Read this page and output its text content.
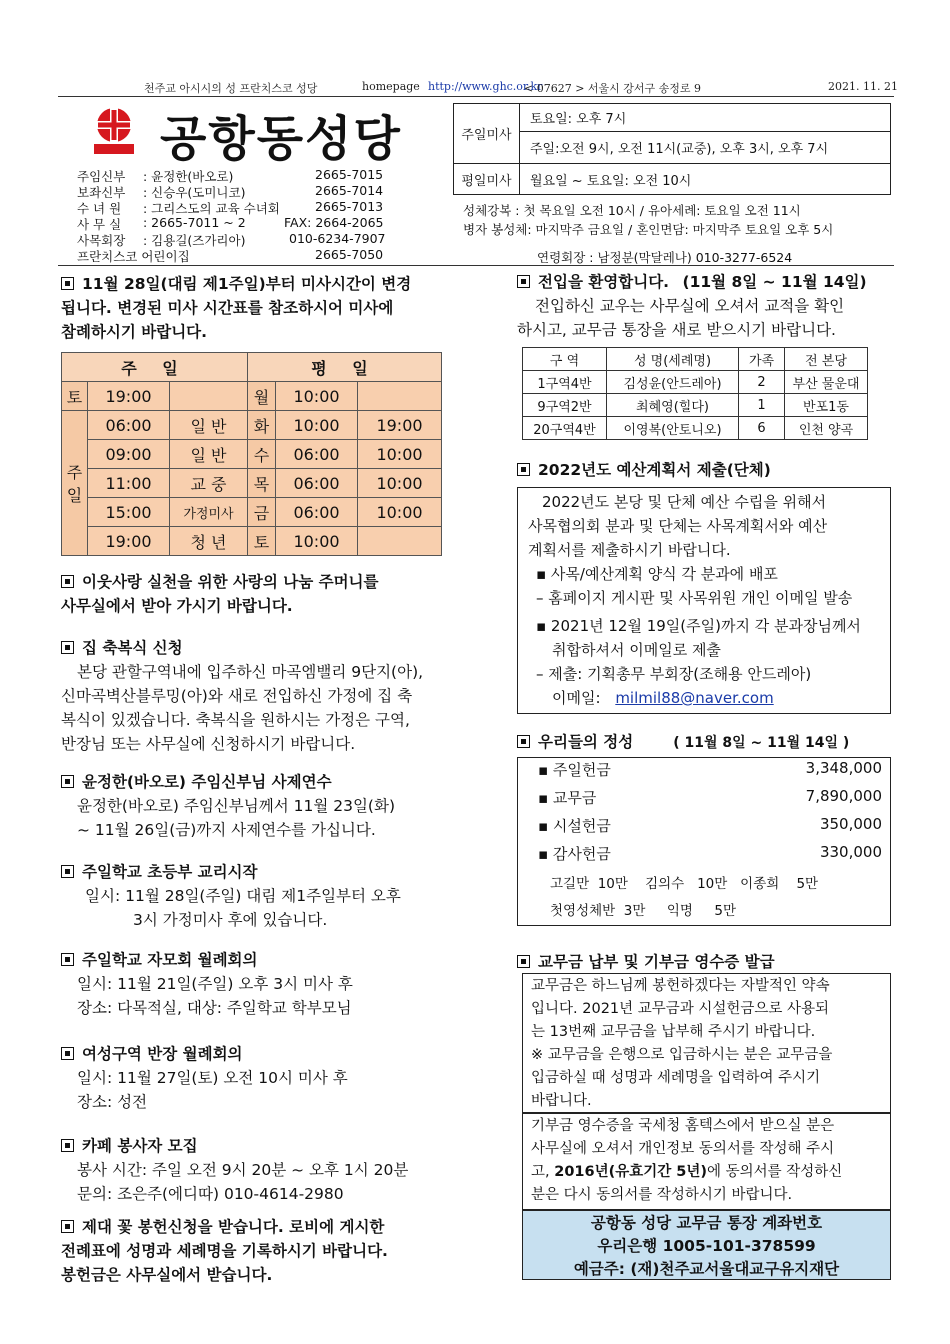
천주교 아시시의 성 프란치스코 성당	homepage http://www.ghc.or.kr
< 07627 > 서울시 강서구 송정로 9	2021. 11. 21
공항동성당
주임신부 : 윤정한(바오로)	2665-7015
보좌신부 : 신승우(도미니코)	2665-7014
수 녀 원 : 그리스도의 교육 수녀회	2665-7013
사 무 실 : 2665-7011 ~ 2	FAX: 2664-2065
사목회장 : 김용길(즈가리아)	010-6234-7907
프란치스코 어린이집	2665-7050
주일미사
토요일: 오후 7시
주일:오전 9시, 오전 11시(교중), 오후 3시, 오후 7시
평일미사	월요일 ~ 토요일: 오전 10시
성체강복 : 첫 목요일 오전 10시 / 유아세례: 토요일 오전 11시
병자 봉성체: 마지막주 금요일 / 혼인면담: 마지막주 토요일 오후 5시
연령회장 : 남정분(막달레나) 010-3277-6524
11월 28일(대림 제1주일)부터 미사시간이 변경

됩니다. 변경된 미사 시간표를 참조하시어 미사에

참례하시기 바랍니다.

주 일			평 일		
토	19:00		월	10:00	
주일	06:00	일 반	화	10:00	19:00
	09:00	일 반	수	06:00	10:00
	11:00	교 중	목	06:00	10:00
	15:00	가정미사	금	06:00	10:00
	19:00	청 년	토	10:00	
이웃사랑 실천을 위한 사랑의 나눔 주머니를

사무실에서 받아 가시기 바랍니다.

집 축복식 신청

본당 관할구역내에 입주하신 마곡엠밸리 9단지(아),

신마곡벽산블루밍(아)와 새로 전입하신 가정에 집 축

복식이 있겠습니다. 축복식을 원하시는 가정은 구역,

반장님 또는 사무실에 신청하시기 바랍니다.

윤정한(바오로) 주임신부님 사제연수

윤정한(바오로) 주임신부님께서 11월 23일(화)

~ 11월 26일(금)까지 사제연수를 가십니다.

주일학교 초등부 교리시작

일시: 11월 28일(주일) 대림 제1주일부터 오후

3시 가정미사 후에 있습니다.

주일학교 자모회 월례회의

일시: 11월 21일(주일) 오후 3시 미사 후

장소: 다목적실, 대상: 주일학교 학부모님

여성구역 반장 월례회의

일시: 11월 27일(토) 오전 10시 미사 후

장소: 성전

카페 봉사자 모집

봉사 시간: 주일 오전 9시 20분 ~ 오후 1시 20분

문의: 조은주(에디따) 010-4614-2980

제대 꽃 봉헌신청을 받습니다. 로비에 게시한

전례표에 성명과 세례명을 기록하시기 바랍니다.

봉헌금은 사무실에서 받습니다.

전입을 환영합니다. (11월 8일 ~ 11월 14일)

전입하신 교우는 사무실에 오셔서 교적을 확인

하시고, 교무금 통장을 새로 받으시기 바랍니다.

구 역	성 명(세례명)	가족	전 본당
1구역4반	김성윤(안드레아)	2	부산 물운대
9구역2반	최혜영(힐다)	1	반포1동
20구역4반	이영복(안토니오)	6	인천 양곡
2022년도 예산계획서 제출(단체)

2022년도 본당 및 단체 예산 수립을 위해서

사목협의회 분과 및 단체는 사목계획서와 예산

계획서를 제출하시기 바랍니다.

▪ 사목/예산계획 양식 각 분과에 배포

– 홈페이지 게시판 및 사목위원 개인 이메일 발송

▪ 2021년 12월 19일(주일)까지 각 분과장님께서

취합하셔서 이메일로 제출

– 제출: 기획총무 부회장(조해용 안드레아)

이메일: milmil88@naver.com

우리들의 정성	( 11월 8일 ~ 11월 14일 )
▪ 주일헌금	3,348,000
▪ 교무금	7,890,000
▪ 시설헌금	350,000
▪ 감사헌금	330,000

고길만  10만    김의수   10만   이종희    5만

첫영성체반  3만     익명     5만

교무금 납부 및 기부금 영수증 발급

교무금은 하느님께 봉헌하겠다는 자발적인 약속

입니다. 2021년 교무금과 시설헌금으로 사용되

는 13번째 교무금을 납부해 주시기 바랍니다.

※ 교무금을 은행으로 입금하시는 분은 교무금을

입금하실 때 성명과 세례명을 입력하여 주시기

바랍니다.

기부금 영수증을 국세청 홈텍스에서 받으실 분은

사무실에 오셔서 개인정보 동의서를 작성해 주시

고, 2016년(유효기간 5년)에 동의서를 작성하신

분은 다시 동의서를 작성하시기 바랍니다.

공항동 성당 교무금 통장 계좌번호
우리은행 1005-101-378599
예금주: (재)천주교서울대교구유지재단
